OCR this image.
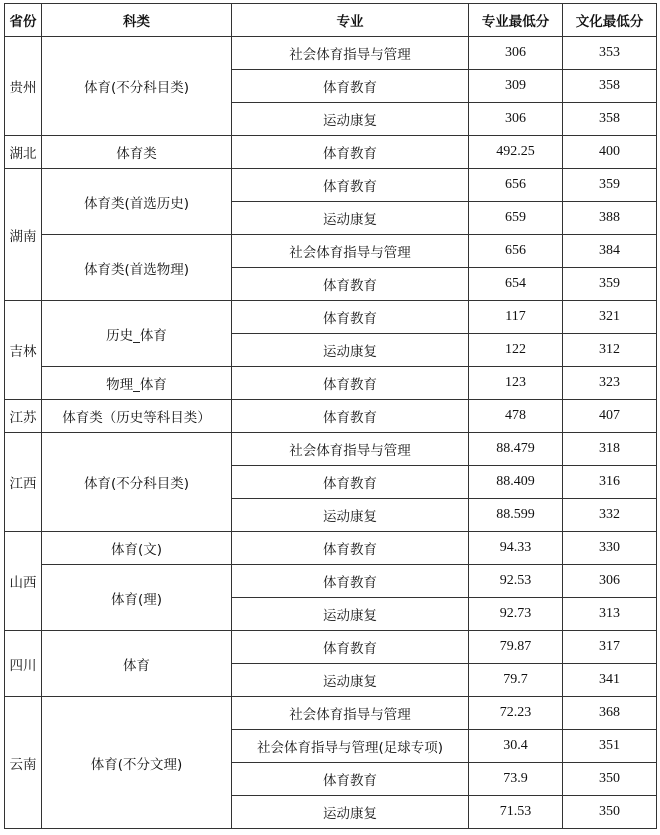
省份	科类	专业	专业最低分	文化最低分
贵州	体育(不分科目类)	社会体育指导与管理	306	353
		体育教育	309	358
		运动康复	306	358
湖北	体育类	体育教育	492.25	400
湖南	体育类(首选历史)	体育教育	656	359
		运动康复	659	388
	体育类(首选物理)	社会体育指导与管理	656	384
		体育教育	654	359
吉林	历史_体育	体育教育	117	321
		运动康复	122	312
	物理_体育	体育教育	123	323
江苏	体育类（历史等科目类）	体育教育	478	407
江西	体育(不分科目类)	社会体育指导与管理	88.479	318
		体育教育	88.409	316
		运动康复	88.599	332
山西	体育(文)	体育教育	94.33	330
	体育(理)	体育教育	92.53	306
		运动康复	92.73	313
四川	体育	体育教育	79.87	317
		运动康复	79.7	341
云南	体育(不分文理)	社会体育指导与管理	72.23	368
		社会体育指导与管理(足球专项)	30.4	351
		体育教育	73.9	350
		运动康复	71.53	350
